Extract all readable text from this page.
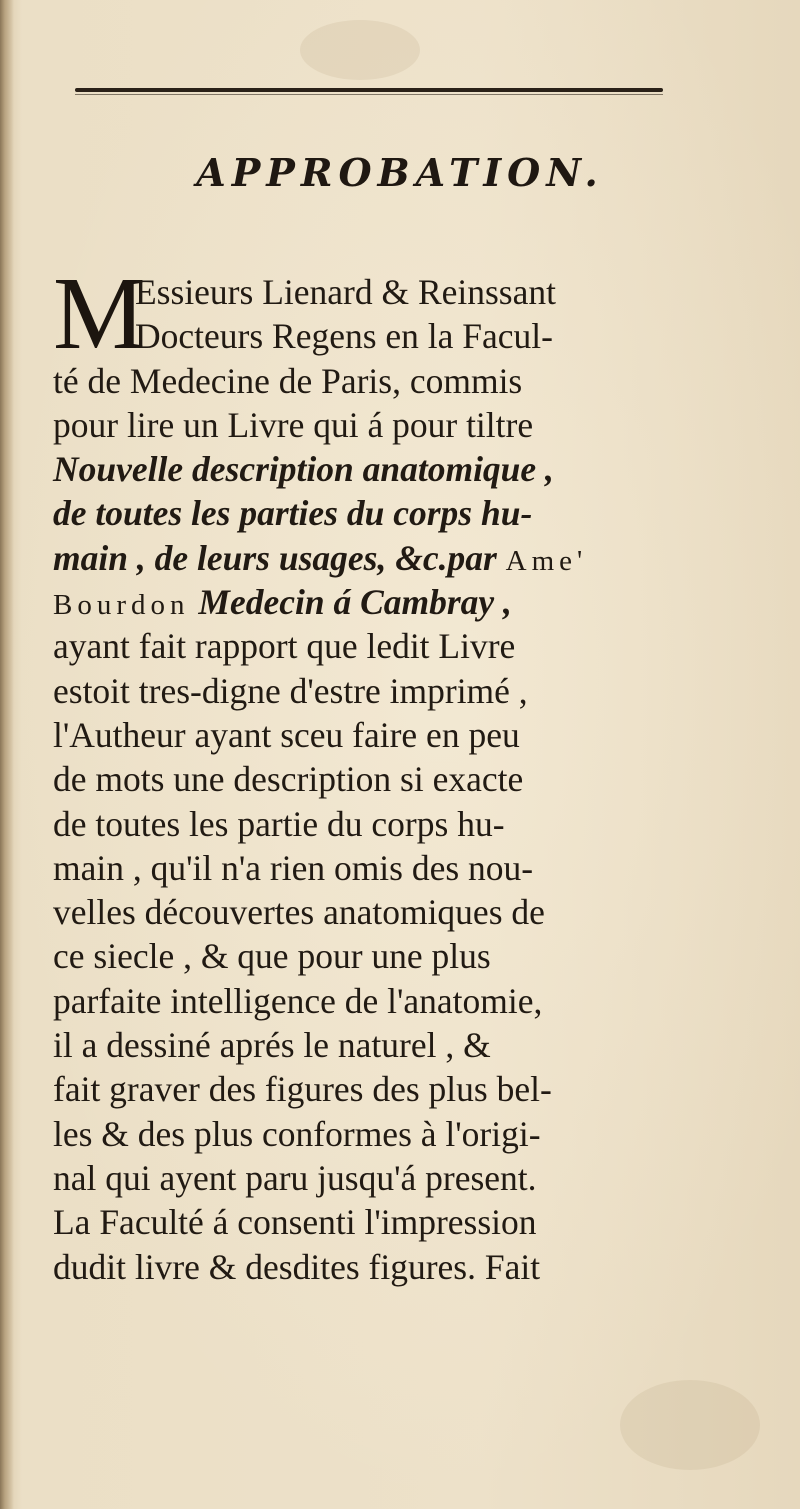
APPROBATION.
M
Essieurs Lienard & Reinssant
Docteurs Regens en la Facul-
té de Medecine de Paris, commis
pour lire un Livre qui á pour tiltre
Nouvelle description anatomique ,
de toutes les parties du corps hu-
main , de leurs usages, &c.par Ame'
Bourdon Medecin á Cambray ,
ayant fait rapport que ledit Livre
estoit tres-digne d'estre imprimé ,
l'Autheur ayant sceu faire en peu
de mots une description si exacte
de toutes les partie du corps hu-
main , qu'il n'a rien omis des nou-
velles découvertes anatomiques de
ce siecle , & que pour une plus
parfaite intelligence de l'anatomie,
il a dessiné aprés le naturel , &
fait graver des figures des plus bel-
les & des plus conformes à l'origi-
nal qui ayent paru jusqu'á present.
La Faculté á consenti l'impression
dudit livre & desdites figures. Fait
